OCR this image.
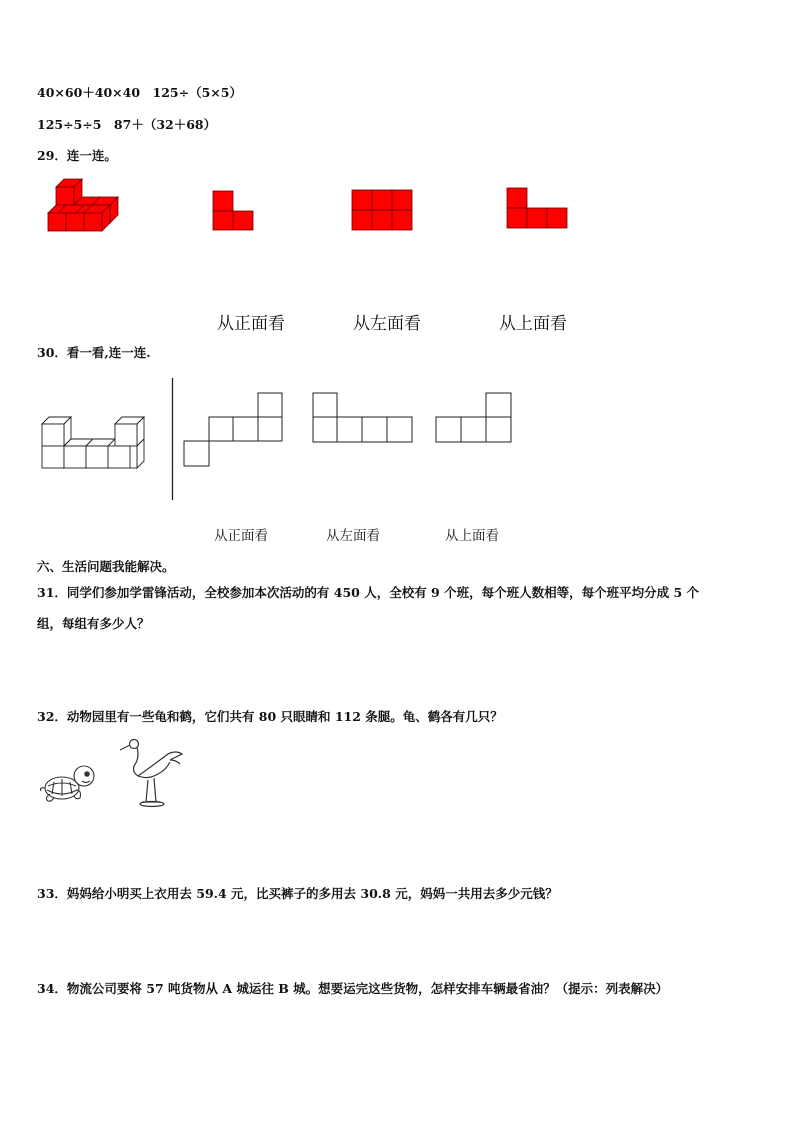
40×60＋40×40　125÷（5×5）
125÷5÷5　87＋（32＋68）
29．连一连。
从正面看	从左面看	从上面看
30．看一看,连一连.
从正面看	从左面看	从上面看
六、生活问题我能解决。
31．同学们参加学雷锋活动，全校参加本次活动的有 450 人，全校有 9 个班，每个班人数相等，每个班平均分成 5 个
组，每组有多少人？
32．动物园里有一些龟和鹤，它们共有 80 只眼睛和 112 条腿。龟、鹤各有几只？
33．妈妈给小明买上衣用去 59.4 元，比买裤子的多用去 30.8 元，妈妈一共用去多少元钱？
34．物流公司要将 57 吨货物从 A 城运往 B 城。想要运完这些货物，怎样安排车辆最省油？（提示：列表解决）
